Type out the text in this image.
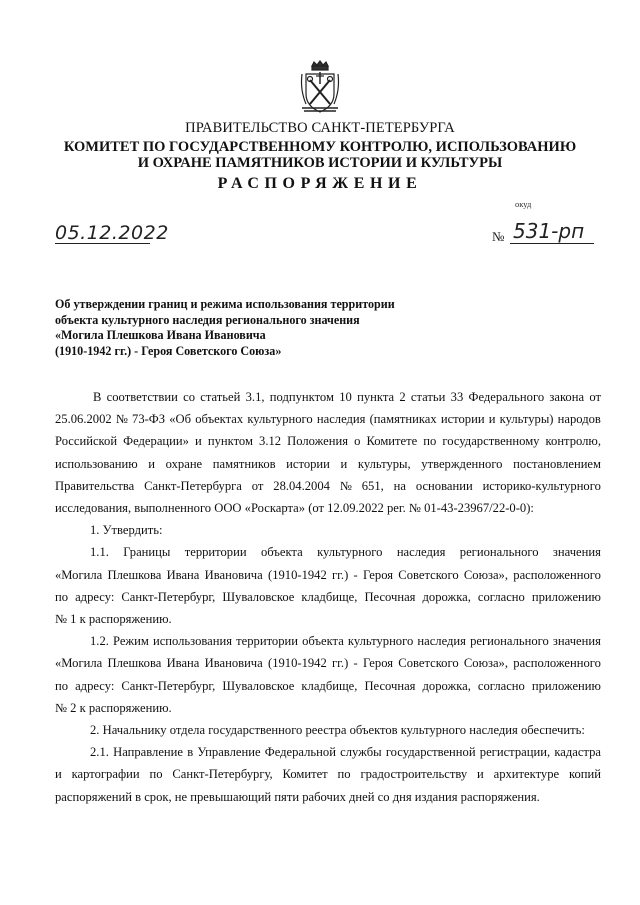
ПРАВИТЕЛЬСТВО САНКТ-ПЕТЕРБУРГА
КОМИТЕТ ПО ГОСУДАРСТВЕННОМУ КОНТРОЛЮ, ИСПОЛЬЗОВАНИЮ
И ОХРАНЕ ПАМЯТНИКОВ ИСТОРИИ И КУЛЬТУРЫ
РАСПОРЯЖЕНИЕ
окуд
05.12.2022	№ 531-рп
Об утверждении границ и режима использования территории
объекта культурного наследия регионального значения
«Могила Плешкова Ивана Ивановича
(1910-1942 гг.) - Героя Советского Союза»
В соответствии со статьей 3.1, подпунктом 10 пункта 2 статьи 33 Федерального закона от
25.06.2002 № 73-ФЗ «Об объектах культурного наследия (памятниках истории и культуры) народов
Российской Федерации» и пунктом 3.12 Положения о Комитете по государственному контролю,
использованию и охране памятников истории и культуры, утвержденного постановлением
Правительства Санкт-Петербурга от 28.04.2004 № 651, на основании историко-культурного
исследования, выполненного ООО «Роскарта» (от 12.09.2022 рег. № 01-43-23967/22-0-0):
1. Утвердить:
1.1. Границы территории объекта культурного наследия регионального значения
«Могила Плешкова Ивана Ивановича (1910-1942 гг.) - Героя Советского Союза», расположенного
по адресу: Санкт-Петербург, Шуваловское кладбище, Песочная дорожка, согласно приложению
№ 1 к распоряжению.
1.2. Режим использования территории объекта культурного наследия регионального значения
«Могила Плешкова Ивана Ивановича (1910-1942 гг.) - Героя Советского Союза», расположенного
по адресу: Санкт-Петербург, Шуваловское кладбище, Песочная дорожка, согласно приложению
№ 2 к распоряжению.
2. Начальнику отдела государственного реестра объектов культурного наследия обеспечить:
2.1. Направление в Управление Федеральной службы государственной регистрации, кадастра
и картографии по Санкт-Петербургу, Комитет по градостроительству и архитектуре копий
распоряжений в срок, не превышающий пяти рабочих дней со дня издания распоряжения.
